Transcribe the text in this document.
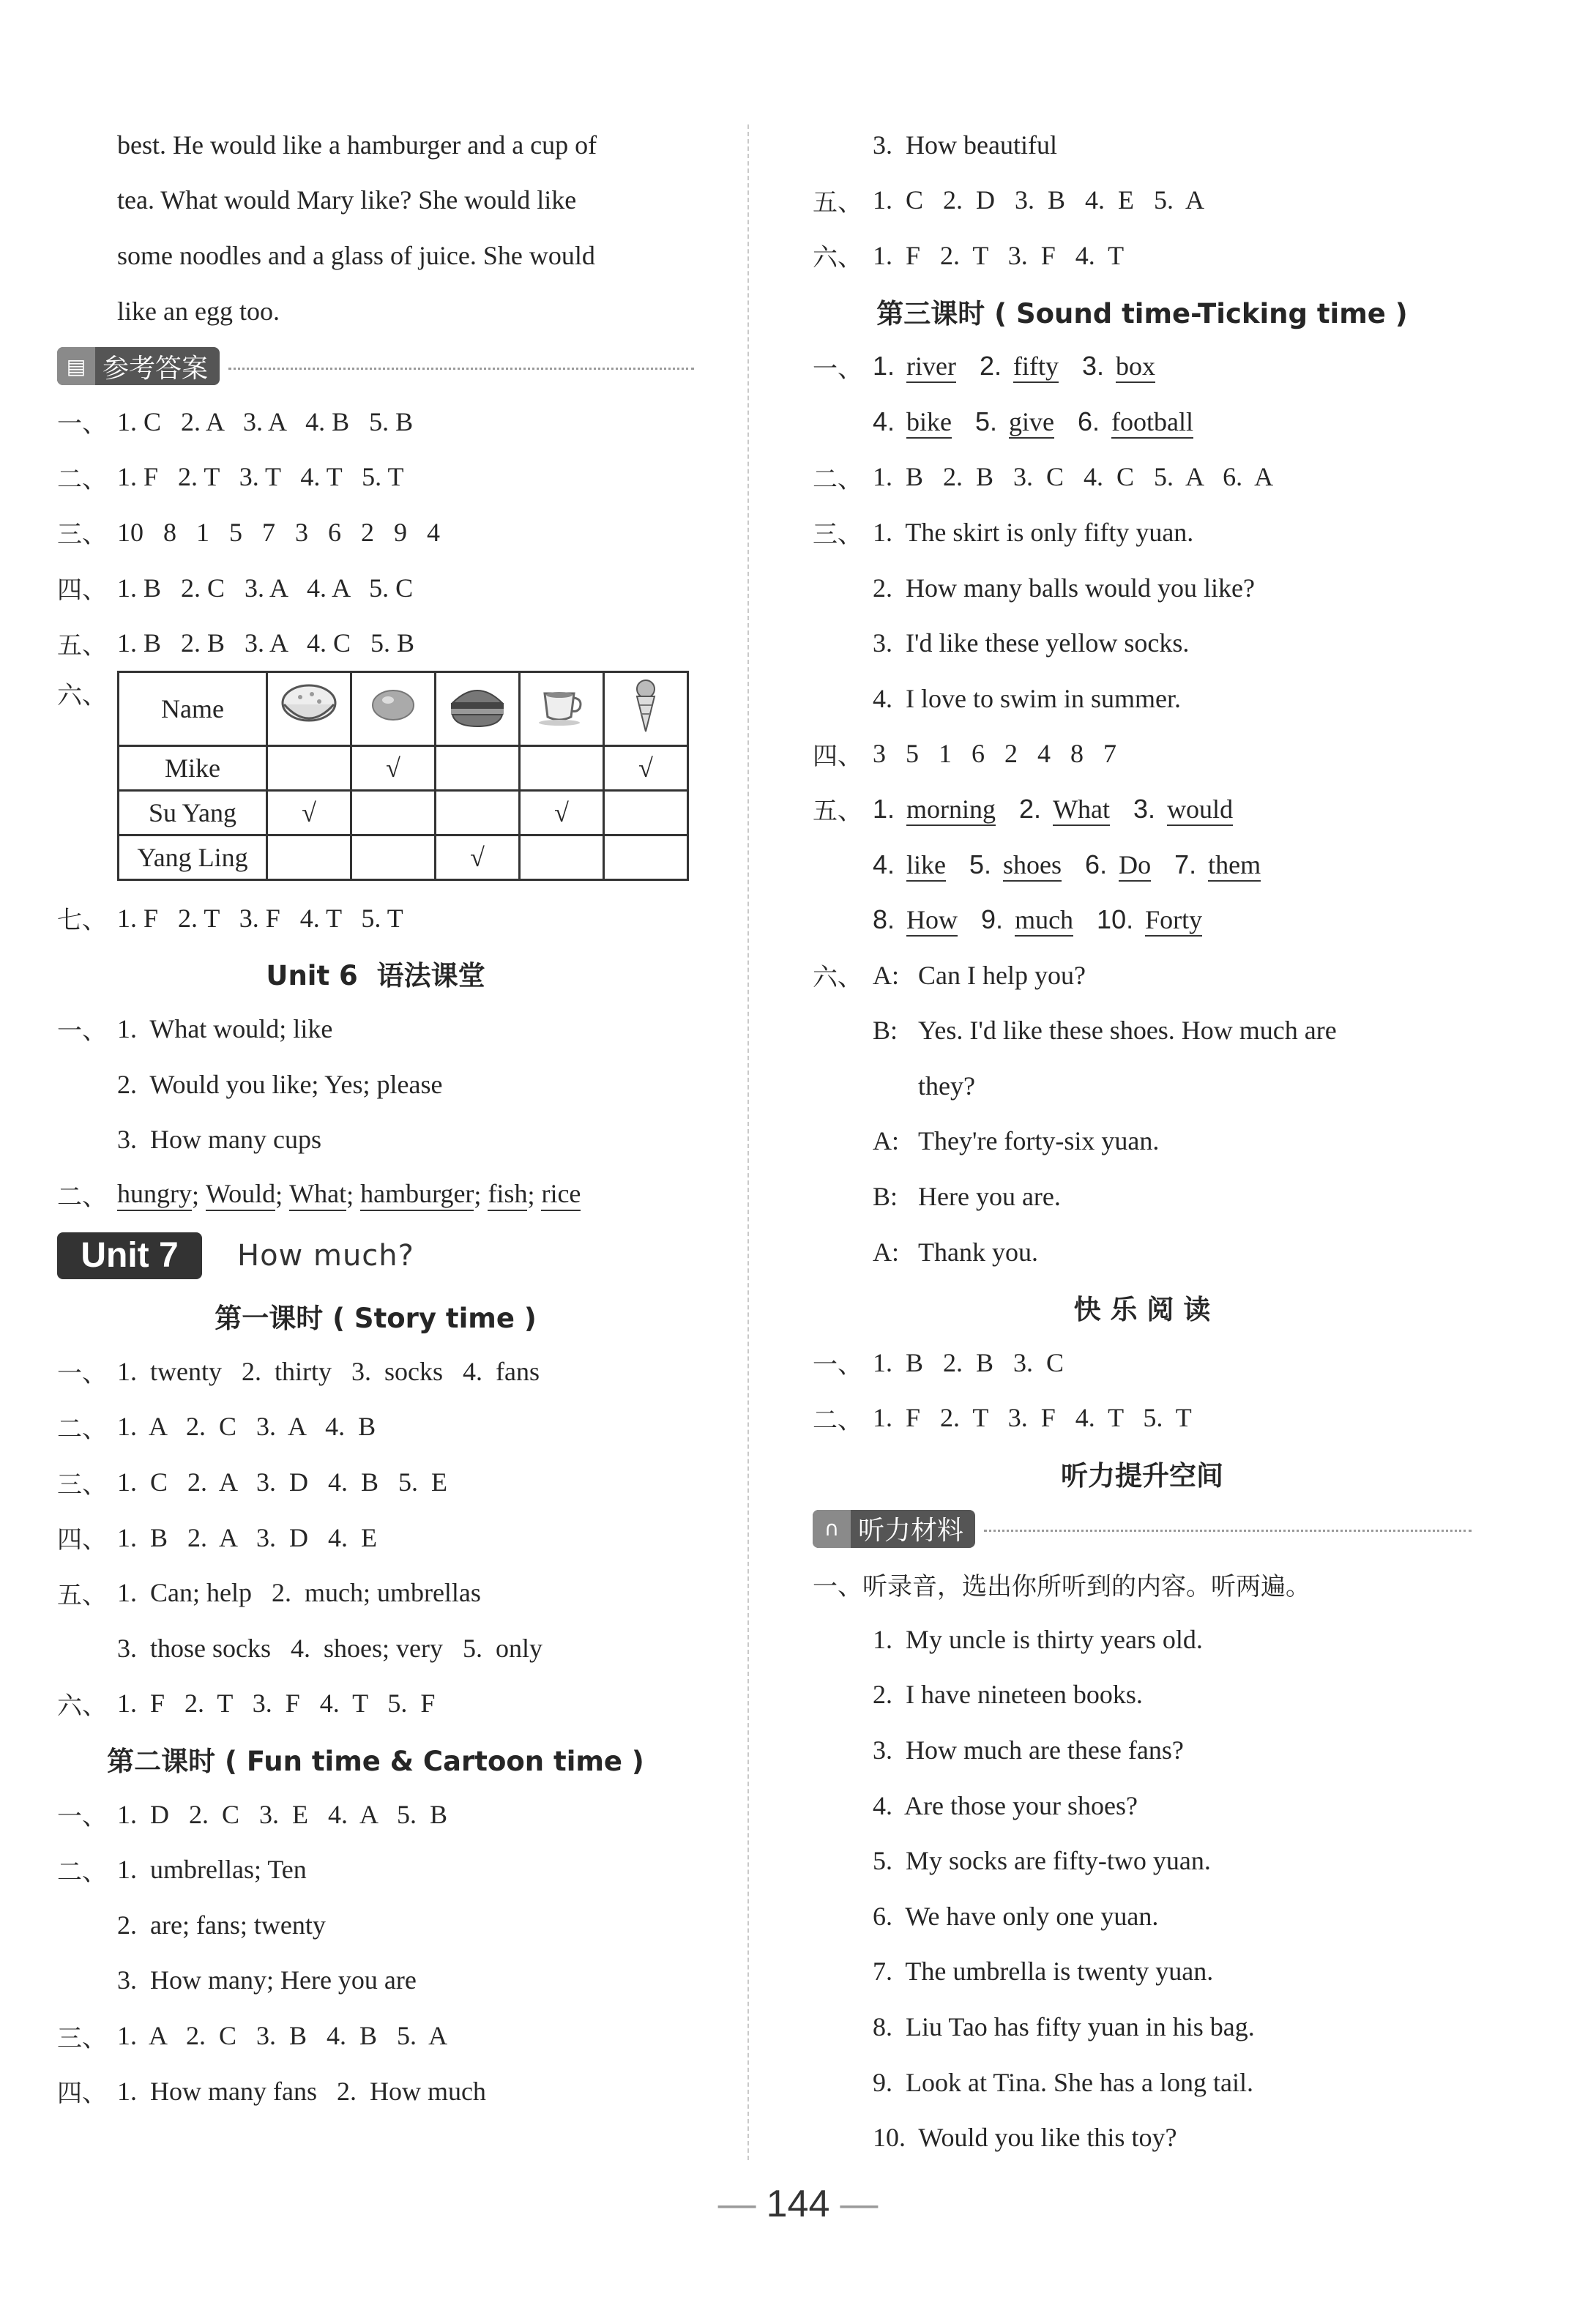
best. He would like a hamburger and a cup of
tea. What would Mary like? She would like
some noodles and a glass of juice. She would
like an egg too.
▤ 参考答案
一、 1. C   2. A   3. A   4. B   5. B
二、 1. F   2. T   3. T   4. T   5. T
三、 10   8   1   5   7   3   6   2   9   4
四、 1. B   2. C   3. A   4. A   5. C
五、 1. B   2. B   3. A   4. C   5. B
六、 Name					
Mike		√			√
Su Yang	√			√	
Yang Ling			√		
七、 1. F   2. T   3. F   4. T   5. T
Unit 6  语法课堂
一、 1.  What would; like
2.  Would you like; Yes; please
3.  How many cups
二、 hungry ; Would ; What ; hamburger ; fish ; rice
Unit 7	How much?
第一课时 ( Story time )
一、 1.  twenty   2.  thirty   3.  socks   4.  fans
二、 1.  A   2.  C   3.  A   4.  B
三、 1.  C   2.  A   3.  D   4.  B   5.  E
四、 1.  B   2.  A   3.  D   4.  E
五、 1.  Can; help   2.  much; umbrellas
3.  those socks   4.  shoes; very   5.  only
六、 1.  F   2.  T   3.  F   4.  T   5.  F
第二课时 ( Fun time & Cartoon time )
一、 1.  D   2.  C   3.  E   4.  A   5.  B
二、 1.  umbrellas; Ten
2.  are; fans; twenty
3.  How many; Here you are
三、 1.  A   2.  C   3.  B   4.  B   5.  A
四、 1.  How many fans   2.  How much
3.  How beautiful
五、 1.  C   2.  D   3.  B   4.  E   5.  A
六、 1.  F   2.  T   3.  F   4.  T
第三课时 ( Sound time-Ticking time )
一、 1. river 2. fifty 3. box
4. bike 5. give 6. football
二、 1.  B   2.  B   3.  C   4.  C   5.  A   6.  A
三、 1.  The skirt is only fifty yuan.
2.  How many balls would you like?
3.  I'd like these yellow socks.
4.  I love to swim in summer.
四、 3   5   1   6   2   4   8   7
五、 1. morning 2. What 3. would
4. like 5. shoes 6. Do 7. them
8. How 9. much 10. Forty
六、 A: Can I help you?
B: Yes. I'd like these shoes. How much are
they?
A: They're forty-six yuan.
B: Here you are.
A: Thank you.
快 乐 阅 读
一、 1.  B   2.  B   3.  C
二、 1.  F   2.  T   3.  F   4.  T   5.  T
听力提升空间
∩ 听力材料
一、听录音，选出你所听到的内容。听两遍。
1.  My uncle is thirty years old.
2.  I have nineteen books.
3.  How much are these fans?
4.  Are those your shoes?
5.  My socks are fifty-two yuan.
6.  We have only one yuan.
7.  The umbrella is twenty yuan.
8.  Liu Tao has fifty yuan in his bag.
9.  Look at Tina. She has a long tail.
10.  Would you like this toy?
— 144 —
